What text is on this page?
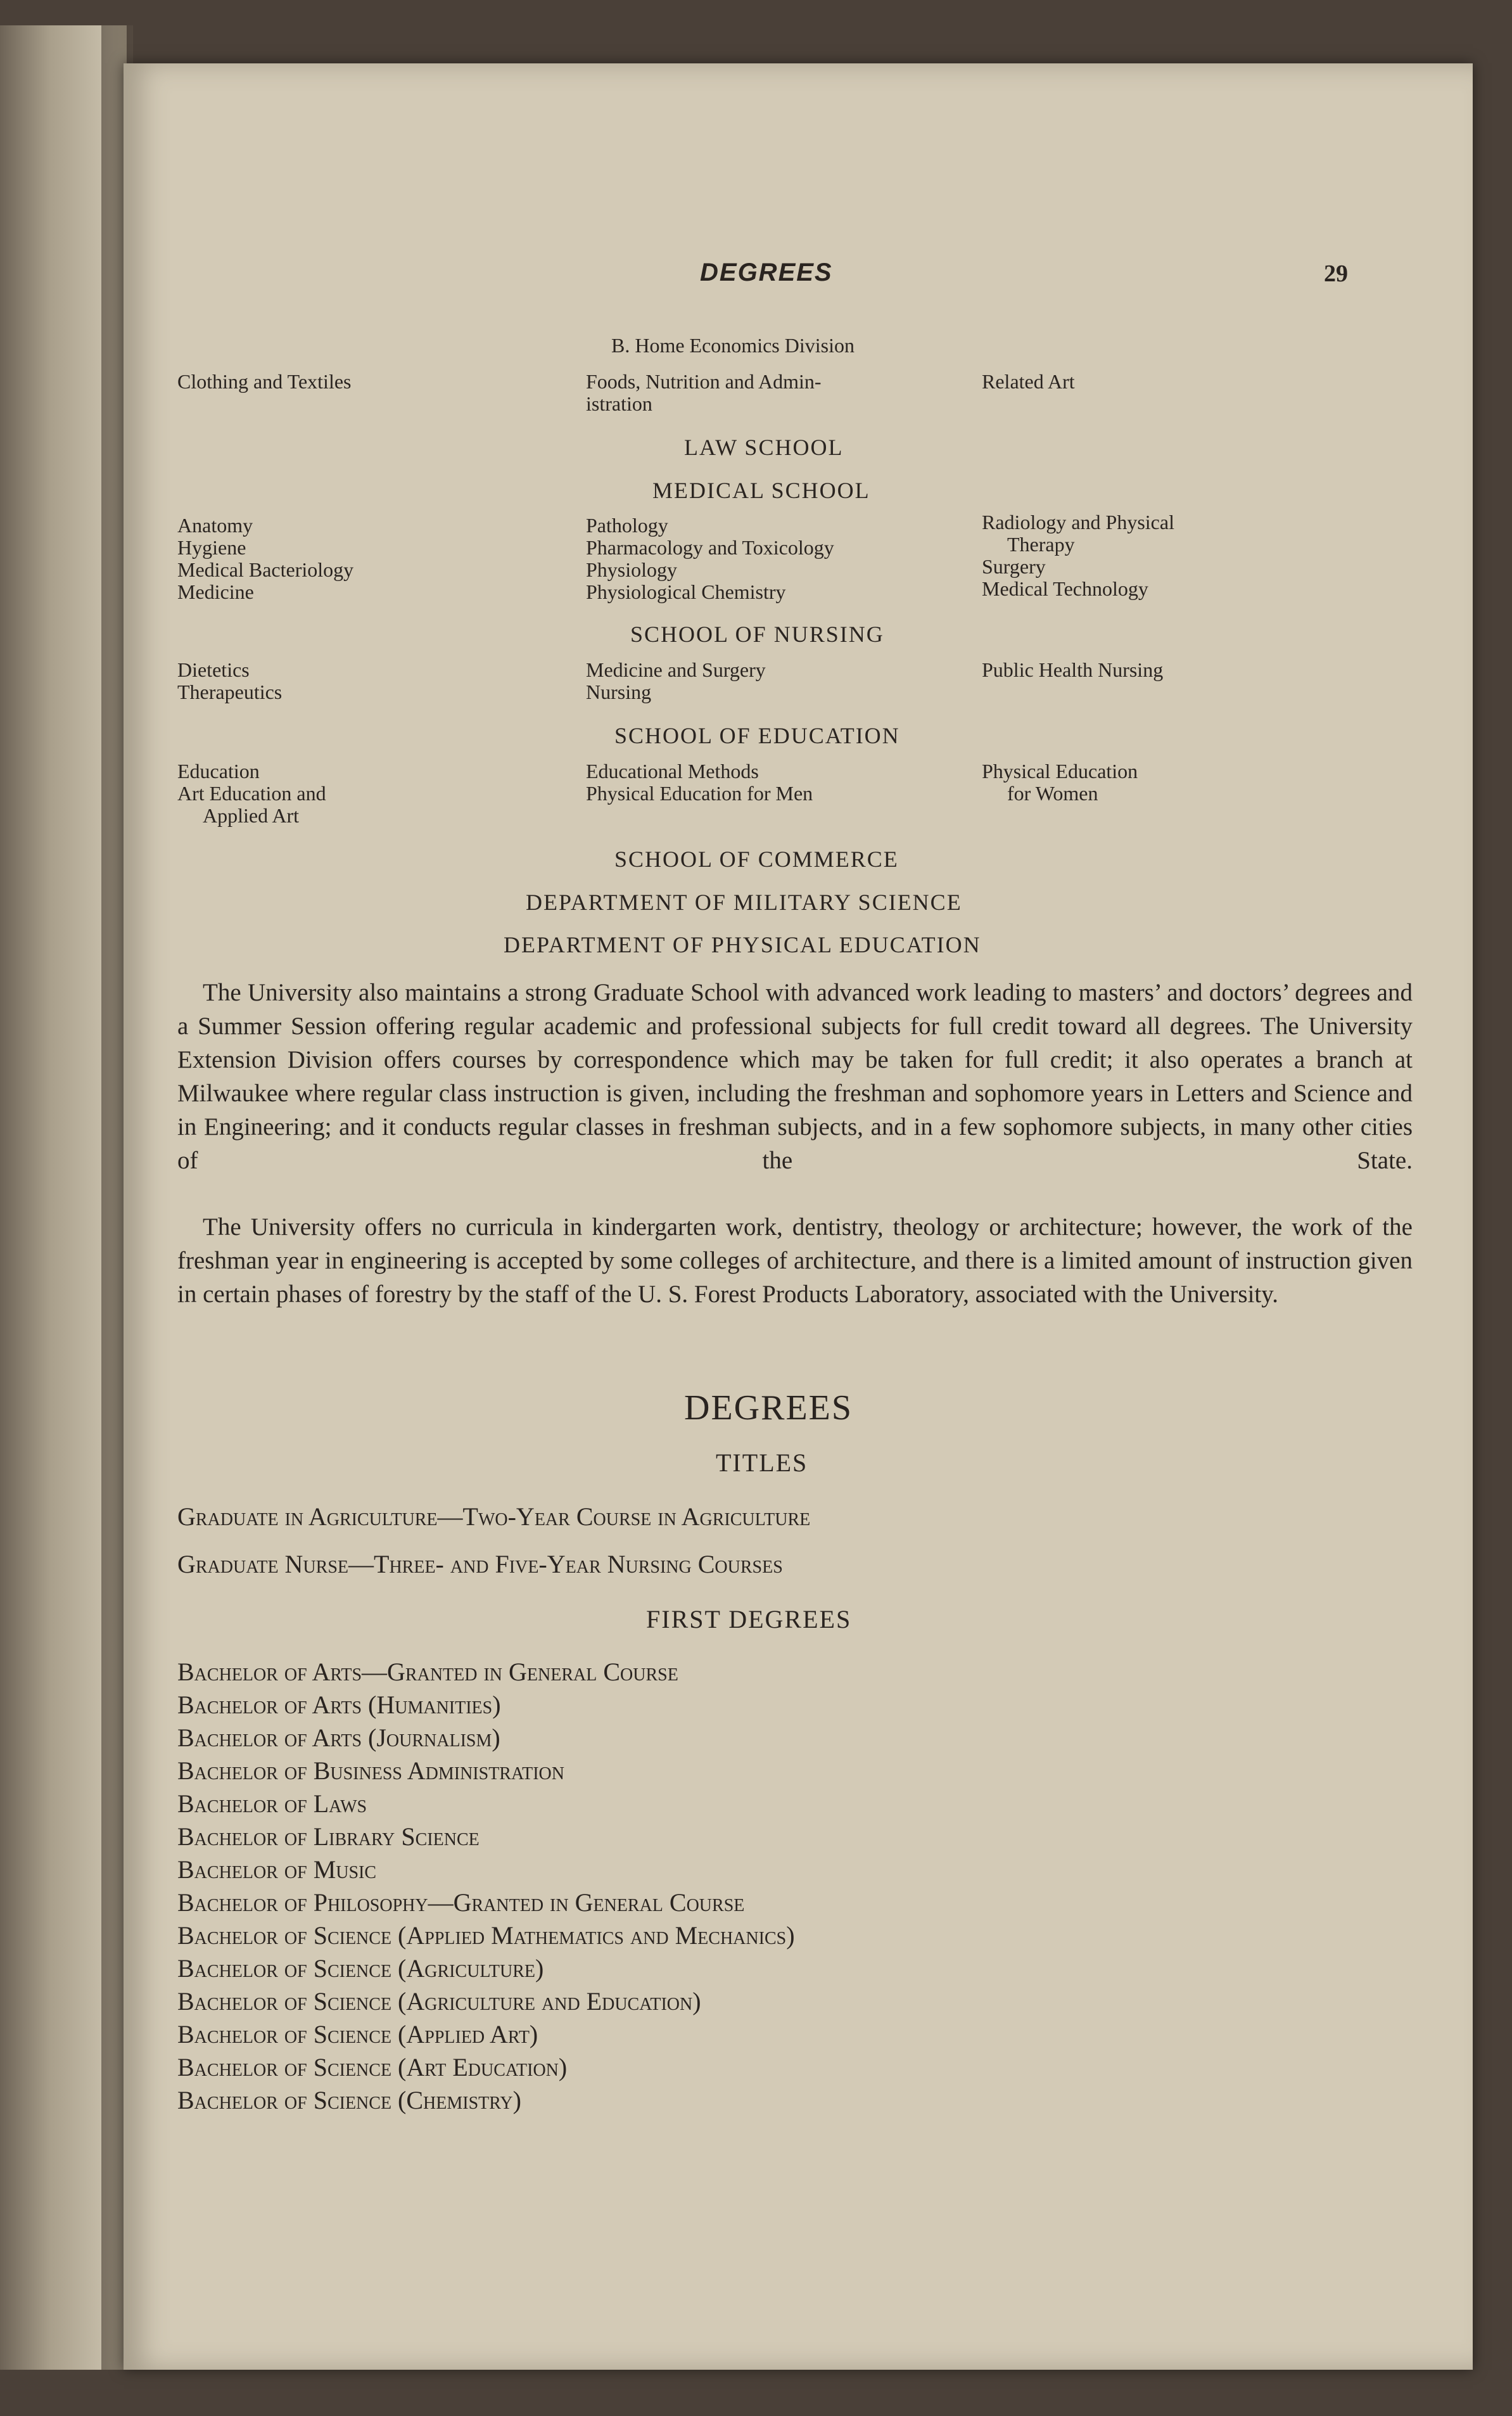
DEGREES	29
B. Home Economics Division

Clothing and Textiles	Foods, Nutrition and Admin-

istration

Related Art

LAW SCHOOL
MEDICAL SCHOOL

Anatomy

Hygiene

Medical Bacteriology

Medicine

Pathology

Pharmacology and Toxicology

Physiology

Physiological Chemistry

Radiology and Physical

Therapy

Surgery

Medical Technology

SCHOOL OF NURSING

Dietetics

Therapeutics

Medicine and Surgery

Nursing

Public Health Nursing

SCHOOL OF EDUCATION

Education

Art Education and

Applied Art

Educational Methods

Physical Education for Men

Physical Education

for Women

SCHOOL OF COMMERCE
DEPARTMENT OF MILITARY SCIENCE
DEPARTMENT OF PHYSICAL EDUCATION
The University also maintains a strong Graduate School with advanced work leading to masters’ and doctors’ degrees and a Summer Session offering regular academic and professional subjects for full credit toward all degrees. The University Extension Division offers courses by correspondence which may be taken for full credit; it also operates a branch at Milwaukee where regular class instruction is given, including the freshman and sophomore years in Letters and Science and in Engineering; and it conducts regular classes in freshman subjects, and in a few sophomore subjects, in many other cities of the State.
The University offers no curricula in kindergarten work, dentistry, theology or architecture; however, the work of the freshman year in engineering is accepted by some colleges of architecture, and there is a limited amount of instruction given in certain phases of forestry by the staff of the U. S. Forest Products Laboratory, associated with the University.
DEGREES
TITLES
Graduate in Agriculture—Two-Year Course in Agriculture
Graduate Nurse—Three- and Five-Year Nursing Courses
FIRST DEGREES
Bachelor of Arts—Granted in General Course
Bachelor of Arts (Humanities)
Bachelor of Arts (Journalism)
Bachelor of Business Administration
Bachelor of Laws
Bachelor of Library Science
Bachelor of Music
Bachelor of Philosophy—Granted in General Course
Bachelor of Science (Applied Mathematics and Mechanics)
Bachelor of Science (Agriculture)
Bachelor of Science (Agriculture and Education)
Bachelor of Science (Applied Art)
Bachelor of Science (Art Education)
Bachelor of Science (Chemistry)
